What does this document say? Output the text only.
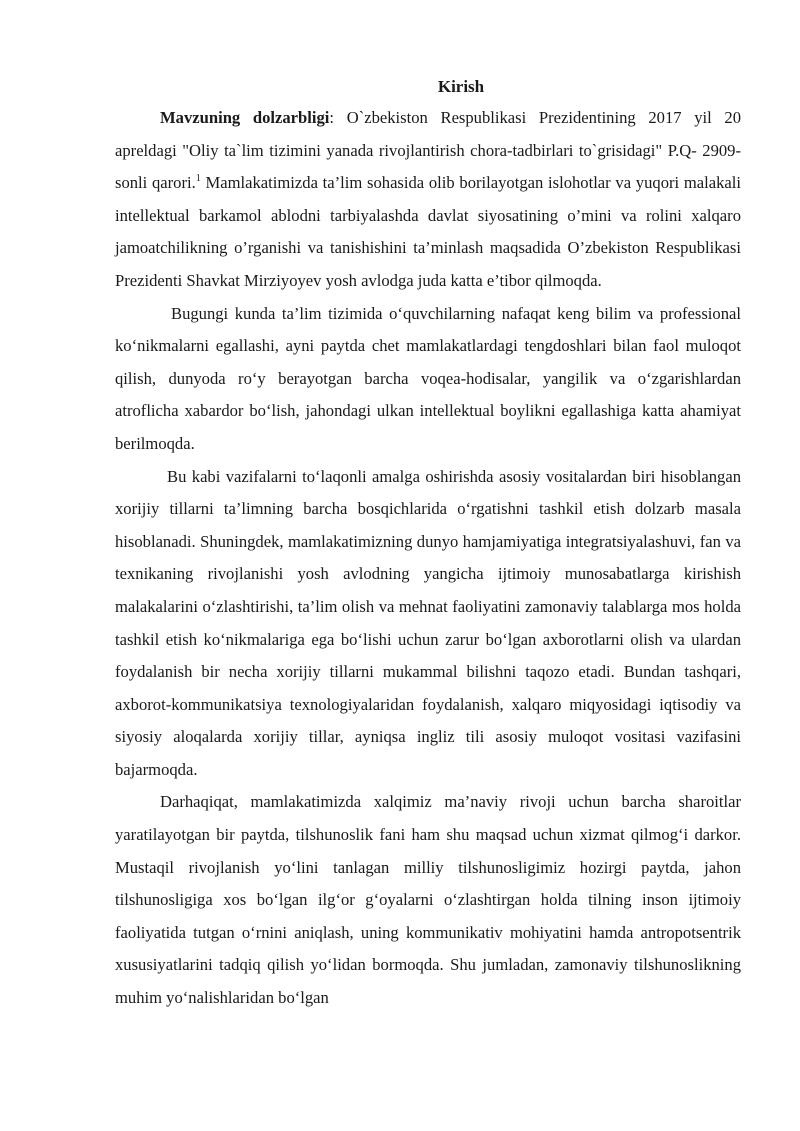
Kirish

Mavzuning dolzarbligi: O`zbekiston Respublikasi Prezidentining 2017 yil 20 apreldagi "Oliy ta`lim tizimini yanada rivojlantirish chora-tadbirlari to`grisidagi" P.Q- 2909-sonli qarori.$^1$ Mamlakatimizda ta’lim sohasida olib borilayotgan islohotlar va yuqori malakali intellektual barkamol ablodni tarbiyalashda davlat siyosatining o’mini va rolini xalqaro jamoatchilikning o’rganishi va tanishishini ta’minlash maqsadida O’zbekiston Respublikasi Prezidenti Shavkat Mirziyoyev yosh avlodga juda katta e’tibor qilmoqda.

Bugungi kunda ta’lim tizimida o‘quvchilarning nafaqat keng bilim va professional ko‘nikmalarni egallashi, ayni paytda chet mamlakatlardagi tengdoshlari bilan faol muloqot qilish, dunyoda ro‘y berayotgan barcha voqea-hodisalar, yangilik va o‘zgarishlardan atroflicha xabardor bo‘lish, jahondagi ulkan intellektual boylikni egallashiga katta ahamiyat berilmoqda.

Bu kabi vazifalarni to‘laqonli amalga oshirishda asosiy vositalardan biri hisoblangan xorijiy tillarni ta’limning barcha bosqichlarida o‘rgatishni tashkil etish dolzarb masala hisoblanadi. Shuningdek, mamlakatimizning dunyo hamjamiyatiga integratsiyalashuvi, fan va texnikaning rivojlanishi yosh avlodning yangicha ijtimoiy munosabatlarga kirishish malakalarini o‘zlashtirishi, ta’lim olish va mehnat faoliyatini zamonaviy talablarga mos holda tashkil etish ko‘nikmalariga ega bo‘lishi uchun zarur bo‘lgan axborotlarni olish va ulardan foydalanish bir necha xorijiy tillarni mukammal bilishni taqozo etadi. Bundan tashqari, axborot-kommunikatsiya texnologiyalaridan foydalanish, xalqaro miqyosidagi iqtisodiy va siyosiy aloqalarda xorijiy tillar, ayniqsa ingliz tili asosiy muloqot vositasi vazifasini bajarmoqda.

Darhaqiqat, mamlakatimizda xalqimiz ma’naviy rivoji uchun barcha sharoitlar yaratilayotgan bir paytda, tilshunoslik fani ham shu maqsad uchun xizmat qilmog‘i darkor. Mustaqil rivojlanish yo‘lini tanlagan milliy tilshunosligimiz hozirgi paytda, jahon tilshunosligiga xos bo‘lgan ilg‘or g‘oyalarni o‘zlashtirgan holda tilning inson ijtimoiy faoliyatida tutgan o‘rnini aniqlash, uning kommunikativ mohiyatini hamda antropotsentrik xususiyatlarini tadqiq qilish yo‘lidan bormoqda. Shu jumladan, zamonaviy tilshunoslikning muhim yo‘nalishlaridan bo‘lgan
